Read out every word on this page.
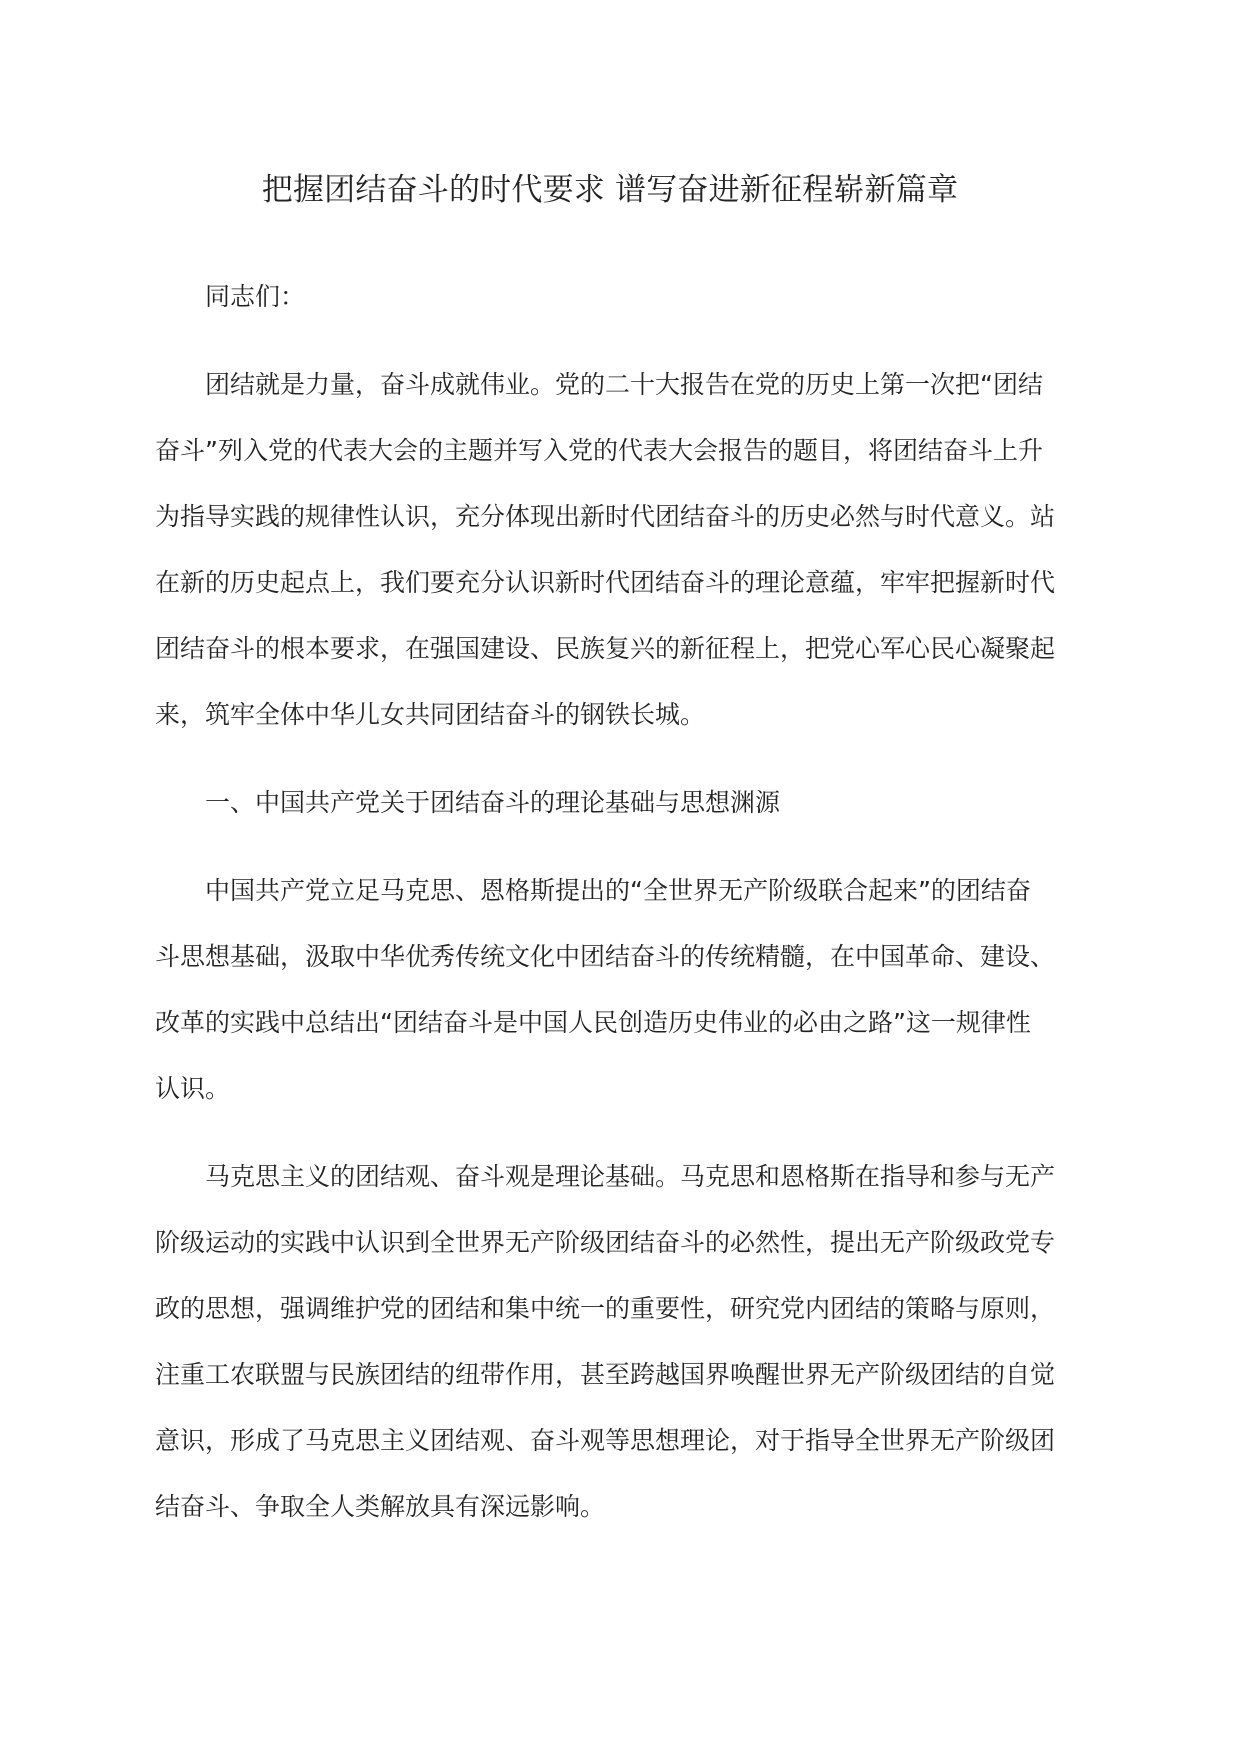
把握团结奋斗的时代要求 谱写奋进新征程崭新篇章

同志们：

团结就是力量，奋斗成就伟业。党的二十大报告在党的历史上第一次把“团结
奋斗”列入党的代表大会的主题并写入党的代表大会报告的题目，将团结奋斗上升
为指导实践的规律性认识，充分体现出新时代团结奋斗的历史必然与时代意义。站
在新的历史起点上，我们要充分认识新时代团结奋斗的理论意蕴，牢牢把握新时代
团结奋斗的根本要求，在强国建设、民族复兴的新征程上，把党心军心民心凝聚起
来，筑牢全体中华儿女共同团结奋斗的钢铁长城。

一、中国共产党关于团结奋斗的理论基础与思想渊源

中国共产党立足马克思、恩格斯提出的“全世界无产阶级联合起来”的团结奋
斗思想基础，汲取中华优秀传统文化中团结奋斗的传统精髓，在中国革命、建设、
改革的实践中总结出“团结奋斗是中国人民创造历史伟业的必由之路”这一规律性
认识。

马克思主义的团结观、奋斗观是理论基础。马克思和恩格斯在指导和参与无产
阶级运动的实践中认识到全世界无产阶级团结奋斗的必然性，提出无产阶级政党专
政的思想，强调维护党的团结和集中统一的重要性，研究党内团结的策略与原则，
注重工农联盟与民族团结的纽带作用，甚至跨越国界唤醒世界无产阶级团结的自觉
意识，形成了马克思主义团结观、奋斗观等思想理论，对于指导全世界无产阶级团
结奋斗、争取全人类解放具有深远影响。
